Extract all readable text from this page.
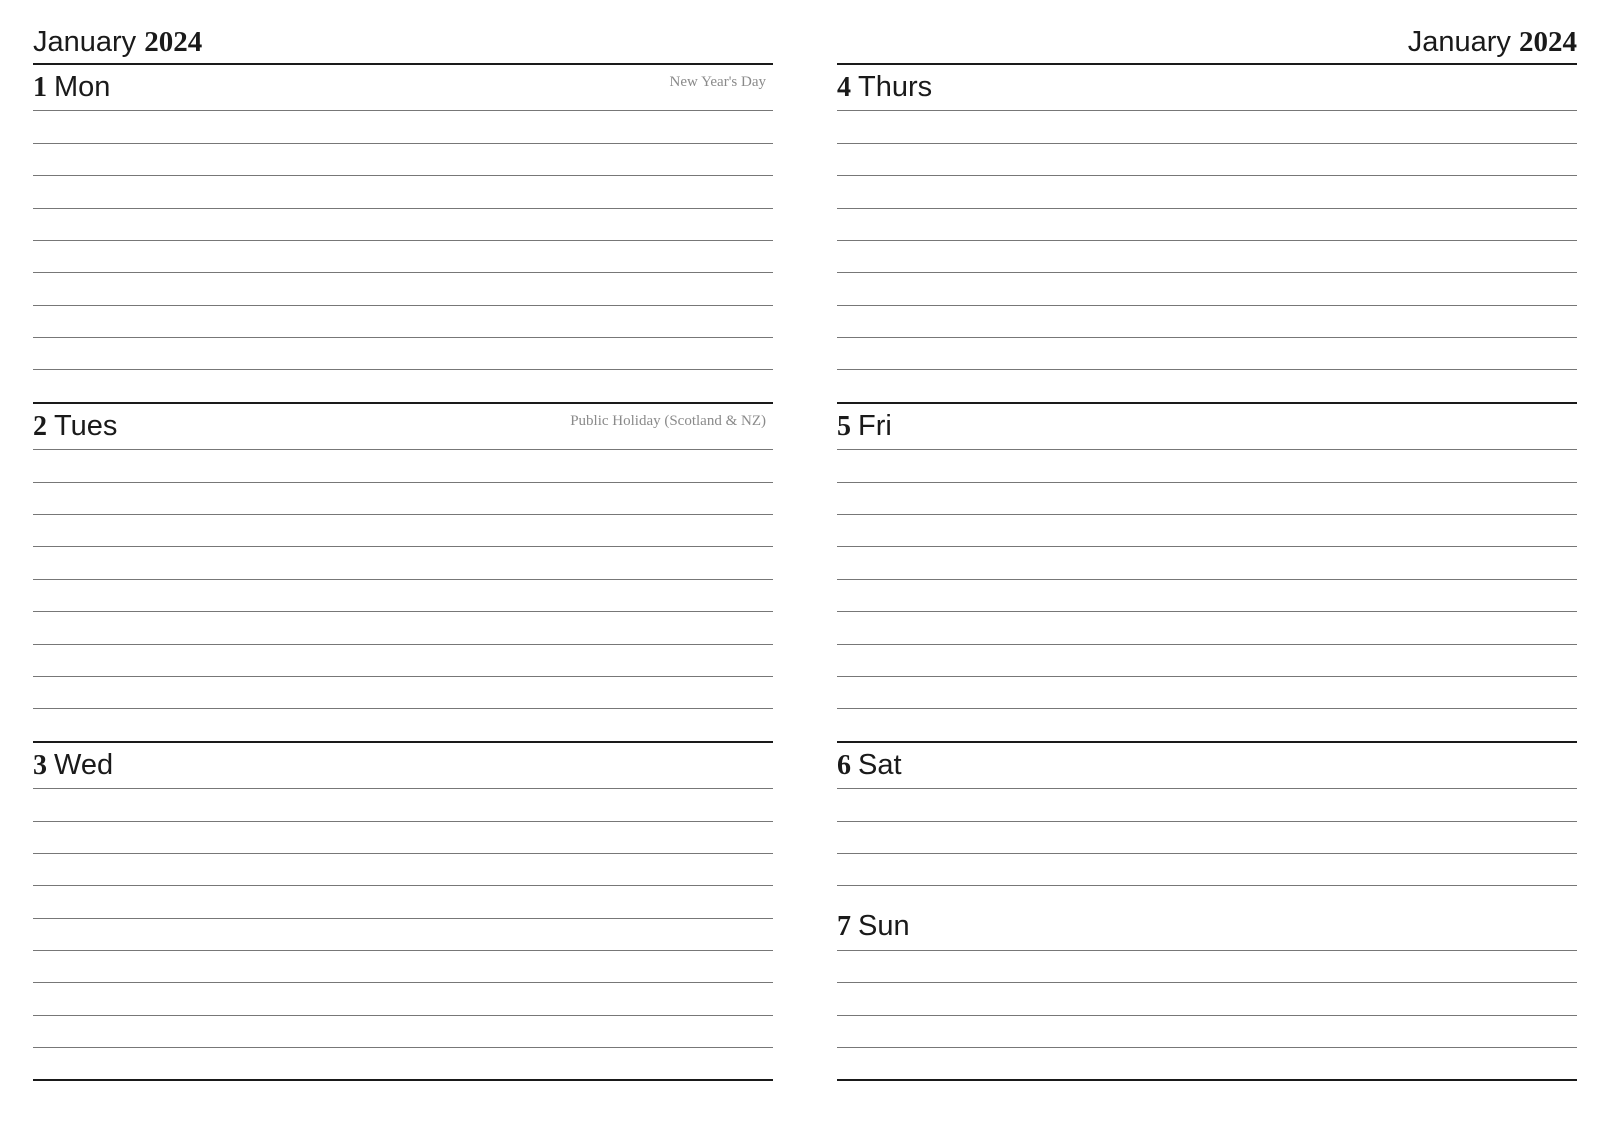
January 2024
1 Mon	New Year's Day
2 Tues	Public Holiday (Scotland & NZ)
3 Wed
January 2024
4 Thurs
5 Fri
6 Sat
7 Sun
